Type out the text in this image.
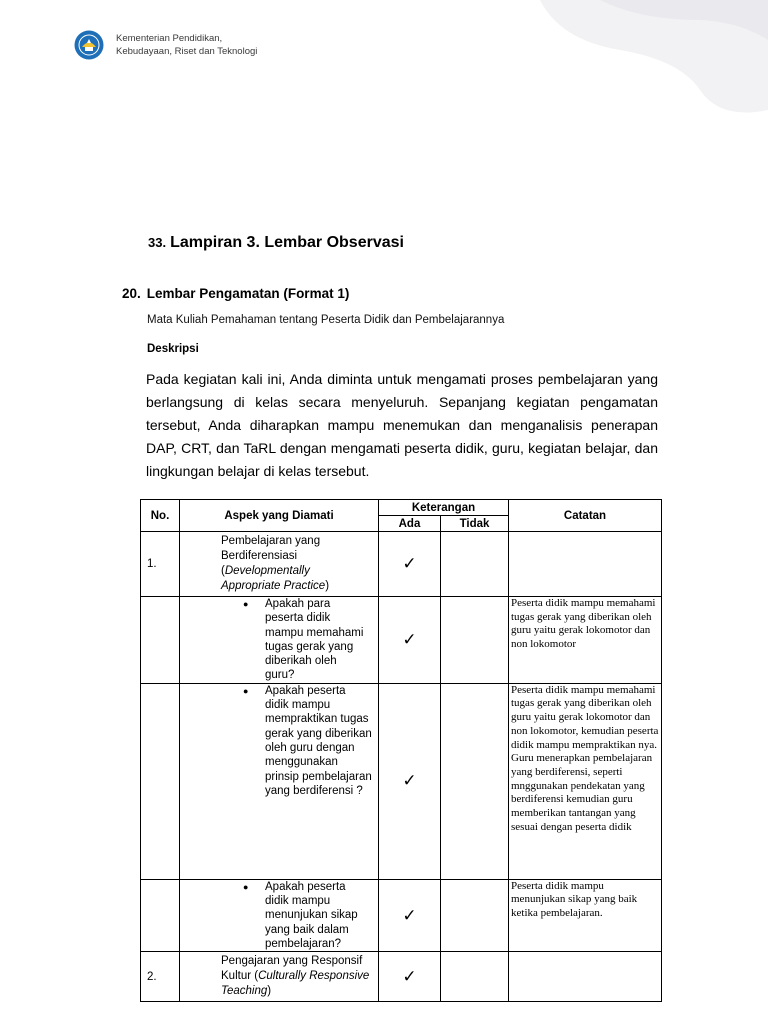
Kementerian Pendidikan,
Kebudayaan, Riset dan Teknologi
33. Lampiran 3. Lembar Observasi
20. Lembar Pengamatan (Format 1)
Mata Kuliah Pemahaman tentang Peserta Didik dan Pembelajarannya
Deskripsi
Pada kegiatan kali ini, Anda diminta untuk mengamati proses pembelajaran yang berlangsung di kelas secara menyeluruh. Sepanjang kegiatan pengamatan tersebut, Anda diharapkan mampu menemukan dan menganalisis penerapan DAP, CRT, dan TaRL dengan mengamati peserta didik, guru, kegiatan belajar, dan lingkungan belajar di kelas tersebut.
No.	Aspek yang Diamati	Keterangan		Catatan
		Ada	Tidak	
1.	Pembelajaran yang Berdiferensiasi (Developmentally Appropriate Practice)	✓		

	● Apakah para peserta didik mampu memahami tugas gerak yang diberikah oleh guru?	✓		Peserta didik mampu memahami tugas gerak yang diberikan oleh guru yaitu gerak lokomotor dan non lokomotor

	● Apakah peserta didik mampu mempraktikan tugas gerak yang diberikan oleh guru dengan menggunakan prinsip pembelajaran yang berdiferensi ?	✓		Peserta didik mampu memahami tugas gerak yang diberikan oleh guru yaitu gerak lokomotor dan non lokomotor, kemudian peserta didik mampu mempraktikan nya. Guru menerapkan pembelajaran yang berdiferensi, seperti mnggunakan pendekatan yang berdiferensi kemudian guru memberikan tantangan yang sesuai dengan peserta didik

	● Apakah peserta didik mampu menunjukan sikap yang baik dalam pembelajaran?	✓		Peserta didik mampu menunjukan sikap yang baik ketika pembelajaran.
2.	Pengajaran yang Responsif Kultur (Culturally Responsive Teaching)	✓		
